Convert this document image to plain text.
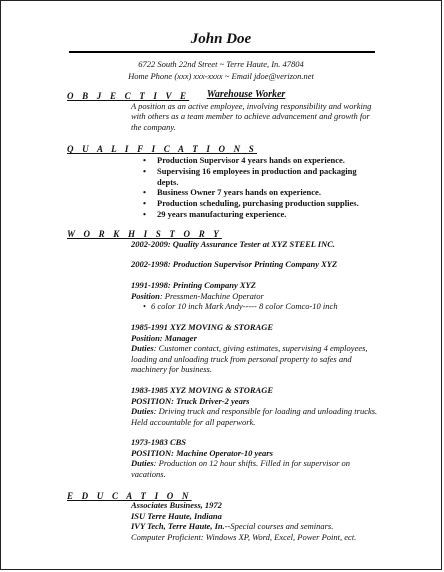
John Doe
6722 South 22nd Street ~ Terre Haute, In. 47804
Home Phone (xxx) xxx-xxxx ~ Email jdoe@verizon.net
O B J E C T I V E	Warehouse Worker
A position as an active employee, involving responsibility and working with others as a team member to achieve advancement and growth for the company.
Q U A L I F I C A T I O N S
• Production Supervisor 4 years hands on experience.
• Supervising 16 employees in production and packaging depts.
• Business Owner 7 years hands on experience.
• Production scheduling, purchasing production supplies.
• 29 years manufacturing experience.
W O R K H I S T O R Y
2002-2009: Quality Assurance Tester at XYZ STEEL INC.
2002-1998: Production Supervisor Printing Company XYZ
1991-1998: Printing Company XYZ
Position: Pressmen-Machine Operator
• 6 color 10 inch Mark Andy----- 8 color Comco-10 inch
1985-1991 XYZ MOVING & STORAGE
Position: Manager
Duties: Customer contact, giving estimates, supervising 4 employees, loading and unloading truck from personal property to safes and machinery for business.
1983-1985 XYZ MOVING & STORAGE
POSITION: Truck Driver-2 years
Duties: Driving truck and responsible for loading and unloading trucks. Held accountable for all paperwork.
1973-1983 CBS
POSITION: Machine Operator-10 years
Duties: Production on 12 hour shifts. Filled in for supervisor on vacations.
E D U C A T I O N
Associates Business, 1972
ISU Terre Haute, Indiana
IVY Tech, Terre Haute, In.--Special courses and seminars.
Computer Proficient: Windows XP, Word, Excel, Power Point, ect.
